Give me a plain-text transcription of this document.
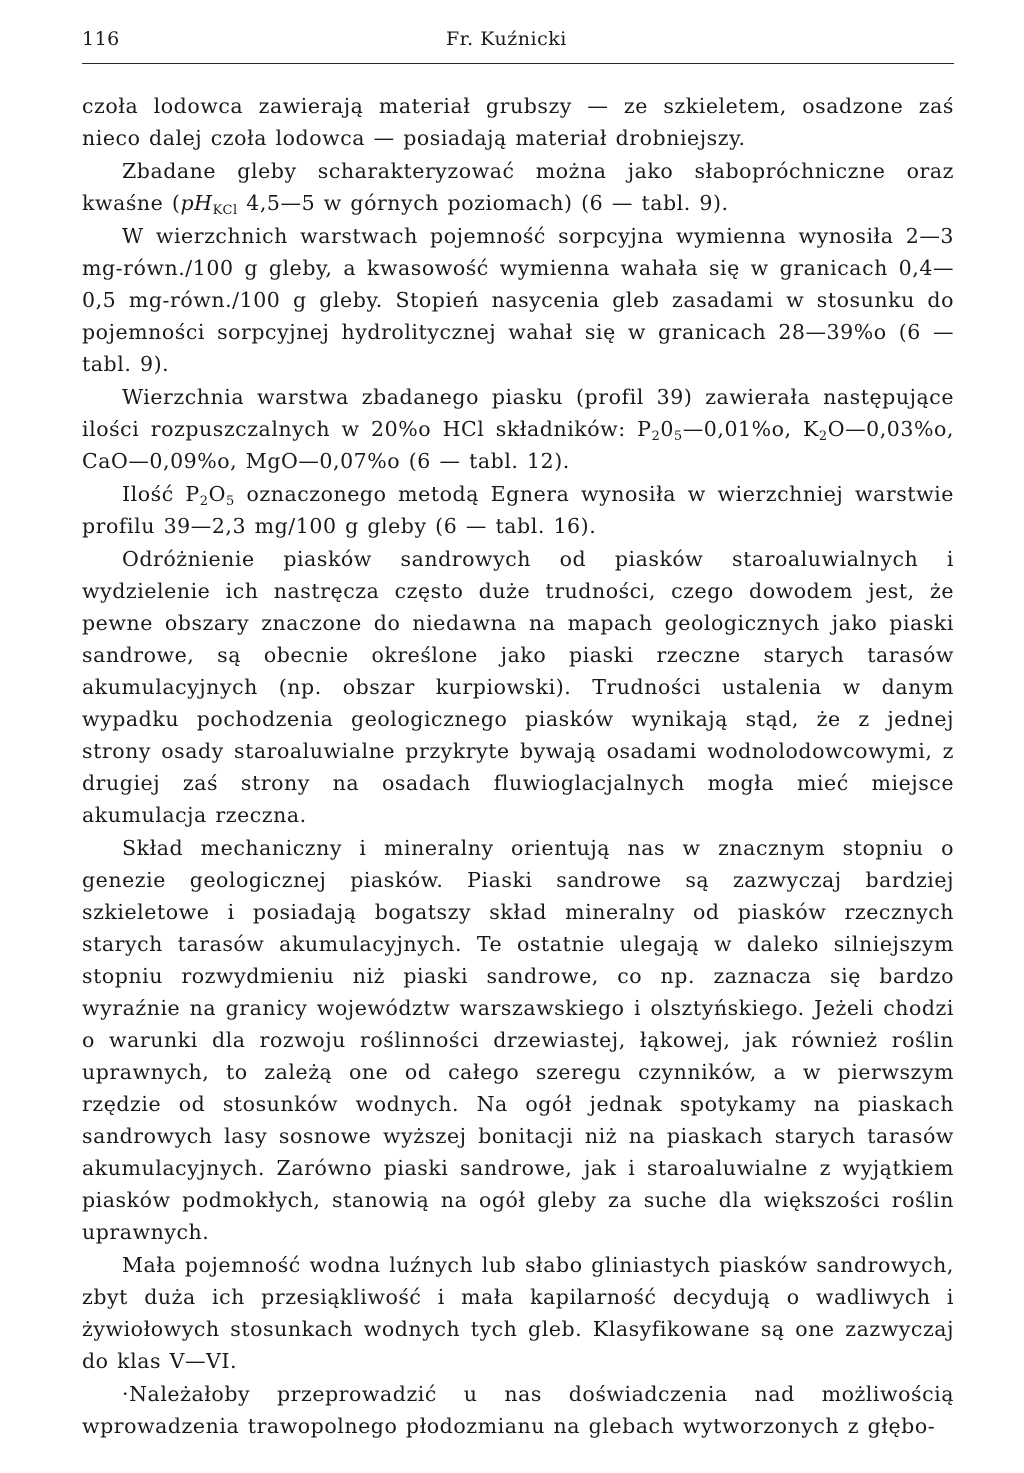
116	Fr. Kuźnicki

czoła lodowca zawierają materiał grubszy — ze szkieletem, osadzone zaś nieco dalej czoła lodowca — posiadają materiał drobniejszy.

Zbadane gleby scharakteryzować można jako słabopróchniczne oraz kwaśne ($pH_{KCl}$ 4,5—5 w górnych poziomach) (6 — tabl. 9).

W wierzchnich warstwach pojemność sorpcyjna wymienna wynosiła 2—3 mg-równ./100 g gleby, a kwasowość wymienna wahała się w granicach 0,4—0,5 mg-równ./100 g gleby. Stopień nasycenia gleb zasadami w stosunku do pojemności sorpcyjnej hydrolitycznej wahał się w granicach 28—39%o (6 — tabl. 9).

Wierzchnia warstwa zbadanego piasku (profil 39) zawierała następujące ilości rozpuszczalnych w 20%o HCl składników: $P_20_5—0,01\%o$, $K_2O—0,03\%o$, CaO—0,09%o, MgO—0,07%o (6 — tabl. 12).

Ilość $P_2O_5$ oznaczonego metodą Egnera wynosiła w wierzchniej warstwie profilu 39—2,3 mg/100 g gleby (6 — tabl. 16).

Odróżnienie piasków sandrowych od piasków staroaluwialnych i wydzielenie ich nastręcza często duże trudności, czego dowodem jest, że pewne obszary znaczone do niedawna na mapach geologicznych jako piaski sandrowe, są obecnie określone jako piaski rzeczne starych tarasów akumulacyjnych (np. obszar kurpiowski). Trudności ustalenia w danym wypadku pochodzenia geologicznego piasków wynikają stąd, że z jednej strony osady staroaluwialne przykryte bywają osadami wodnolodowcowymi, z drugiej zaś strony na osadach fluwioglacjalnych mogła mieć miejsce akumulacja rzeczna.

Skład mechaniczny i mineralny orientują nas w znacznym stopniu o genezie geologicznej piasków. Piaski sandrowe są zazwyczaj bardziej szkieletowe i posiadają bogatszy skład mineralny od piasków rzecznych starych tarasów akumulacyjnych. Te ostatnie ulegają w daleko silniejszym stopniu rozwydmieniu niż piaski sandrowe, co np. zaznacza się bardzo wyraźnie na granicy województw warszawskiego i olsztyńskiego. Jeżeli chodzi o warunki dla rozwoju roślinności drzewiastej, łąkowej, jak również roślin uprawnych, to zależą one od całego szeregu czynników, a w pierwszym rzędzie od stosunków wodnych. Na ogół jednak spotykamy na piaskach sandrowych lasy sosnowe wyższej bonitacji niż na piaskach starych tarasów akumulacyjnych. Zarówno piaski sandrowe, jak i staroaluwialne z wyjątkiem piasków podmokłych, stanowią na ogół gleby za suche dla większości roślin uprawnych.

Mała pojemność wodna luźnych lub słabo gliniastych piasków sandrowych, zbyt duża ich przesiąkliwość i mała kapilarność decydują o wadliwych i żywiołowych stosunkach wodnych tych gleb. Klasyfikowane są one zazwyczaj do klas V—VI.

·Należałoby przeprowadzić u nas doświadczenia nad możliwością wprowadzenia trawopolnego płodozmianu na glebach wytworzonych z głębo-
